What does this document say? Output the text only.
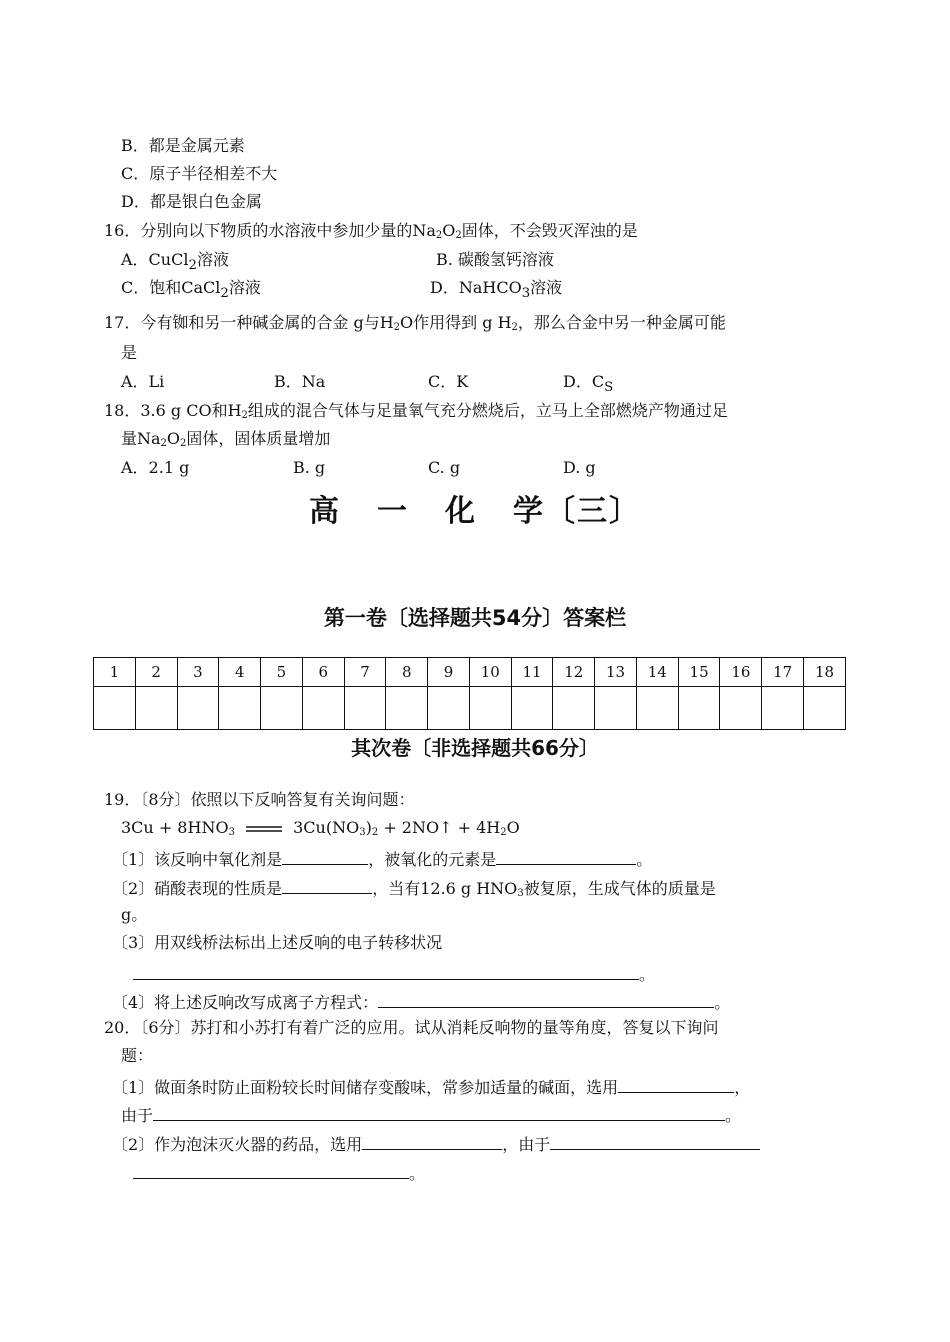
B．都是金属元素
C．原子半径相差不大
D．都是银白色金属
16．分别向以下物质的水溶液中参加少量的$Na_2O_2$固体，不会毁灭浑浊的是
A．CuCl$_2$溶液	B. 碳酸氢钙溶液
C．饱和CaCl$_2$溶液	D．NaHCO$_3$溶液
17．今有铷和另一种碱金属的合金 g与$H_2O$作用得到 g $H_2$，那么合金中另一种金属可能
是
A．Li	B．Na	C．K	D．$C_S$
18．3.6 g CO和$H_2$组成的混合气体与足量氧气充分燃烧后，立马上全部燃烧产物通过足
量$Na_2O_2$固体，固体质量增加
A．2.1 g	B. g	C. g	D. g
高 一 化 学〔三〕
第一卷〔选择题共54分〕答案栏
1	2	3	4	5	6	7	8	9	10	11	12	13	14	15	16	17	18

其次卷〔非选择题共66分〕
19．〔8分〕依照以下反响答复有关询问题：
$3Cu + 8HNO_3$	$3Cu(NO_3)_2$ + 2NO↑ + $4H_2O$
〔1〕该反响中氧化剂是	，被氧化的元素是	。
〔2〕硝酸表现的性质是	，当有12.6 g $HNO_3$被复原，生成气体的质量是
g。
〔3〕用双线桥法标出上述反响的电子转移状况
。
〔4〕将上述反响改写成离子方程式：	。
20．〔6分〕苏打和小苏打有着广泛的应用。试从消耗反响物的量等角度，答复以下询问
题：
〔1〕做面条时防止面粉较长时间储存变酸味，常参加适量的碱面，选用	，
由于	。
〔2〕作为泡沫灭火器的药品，选用	，由于
。
